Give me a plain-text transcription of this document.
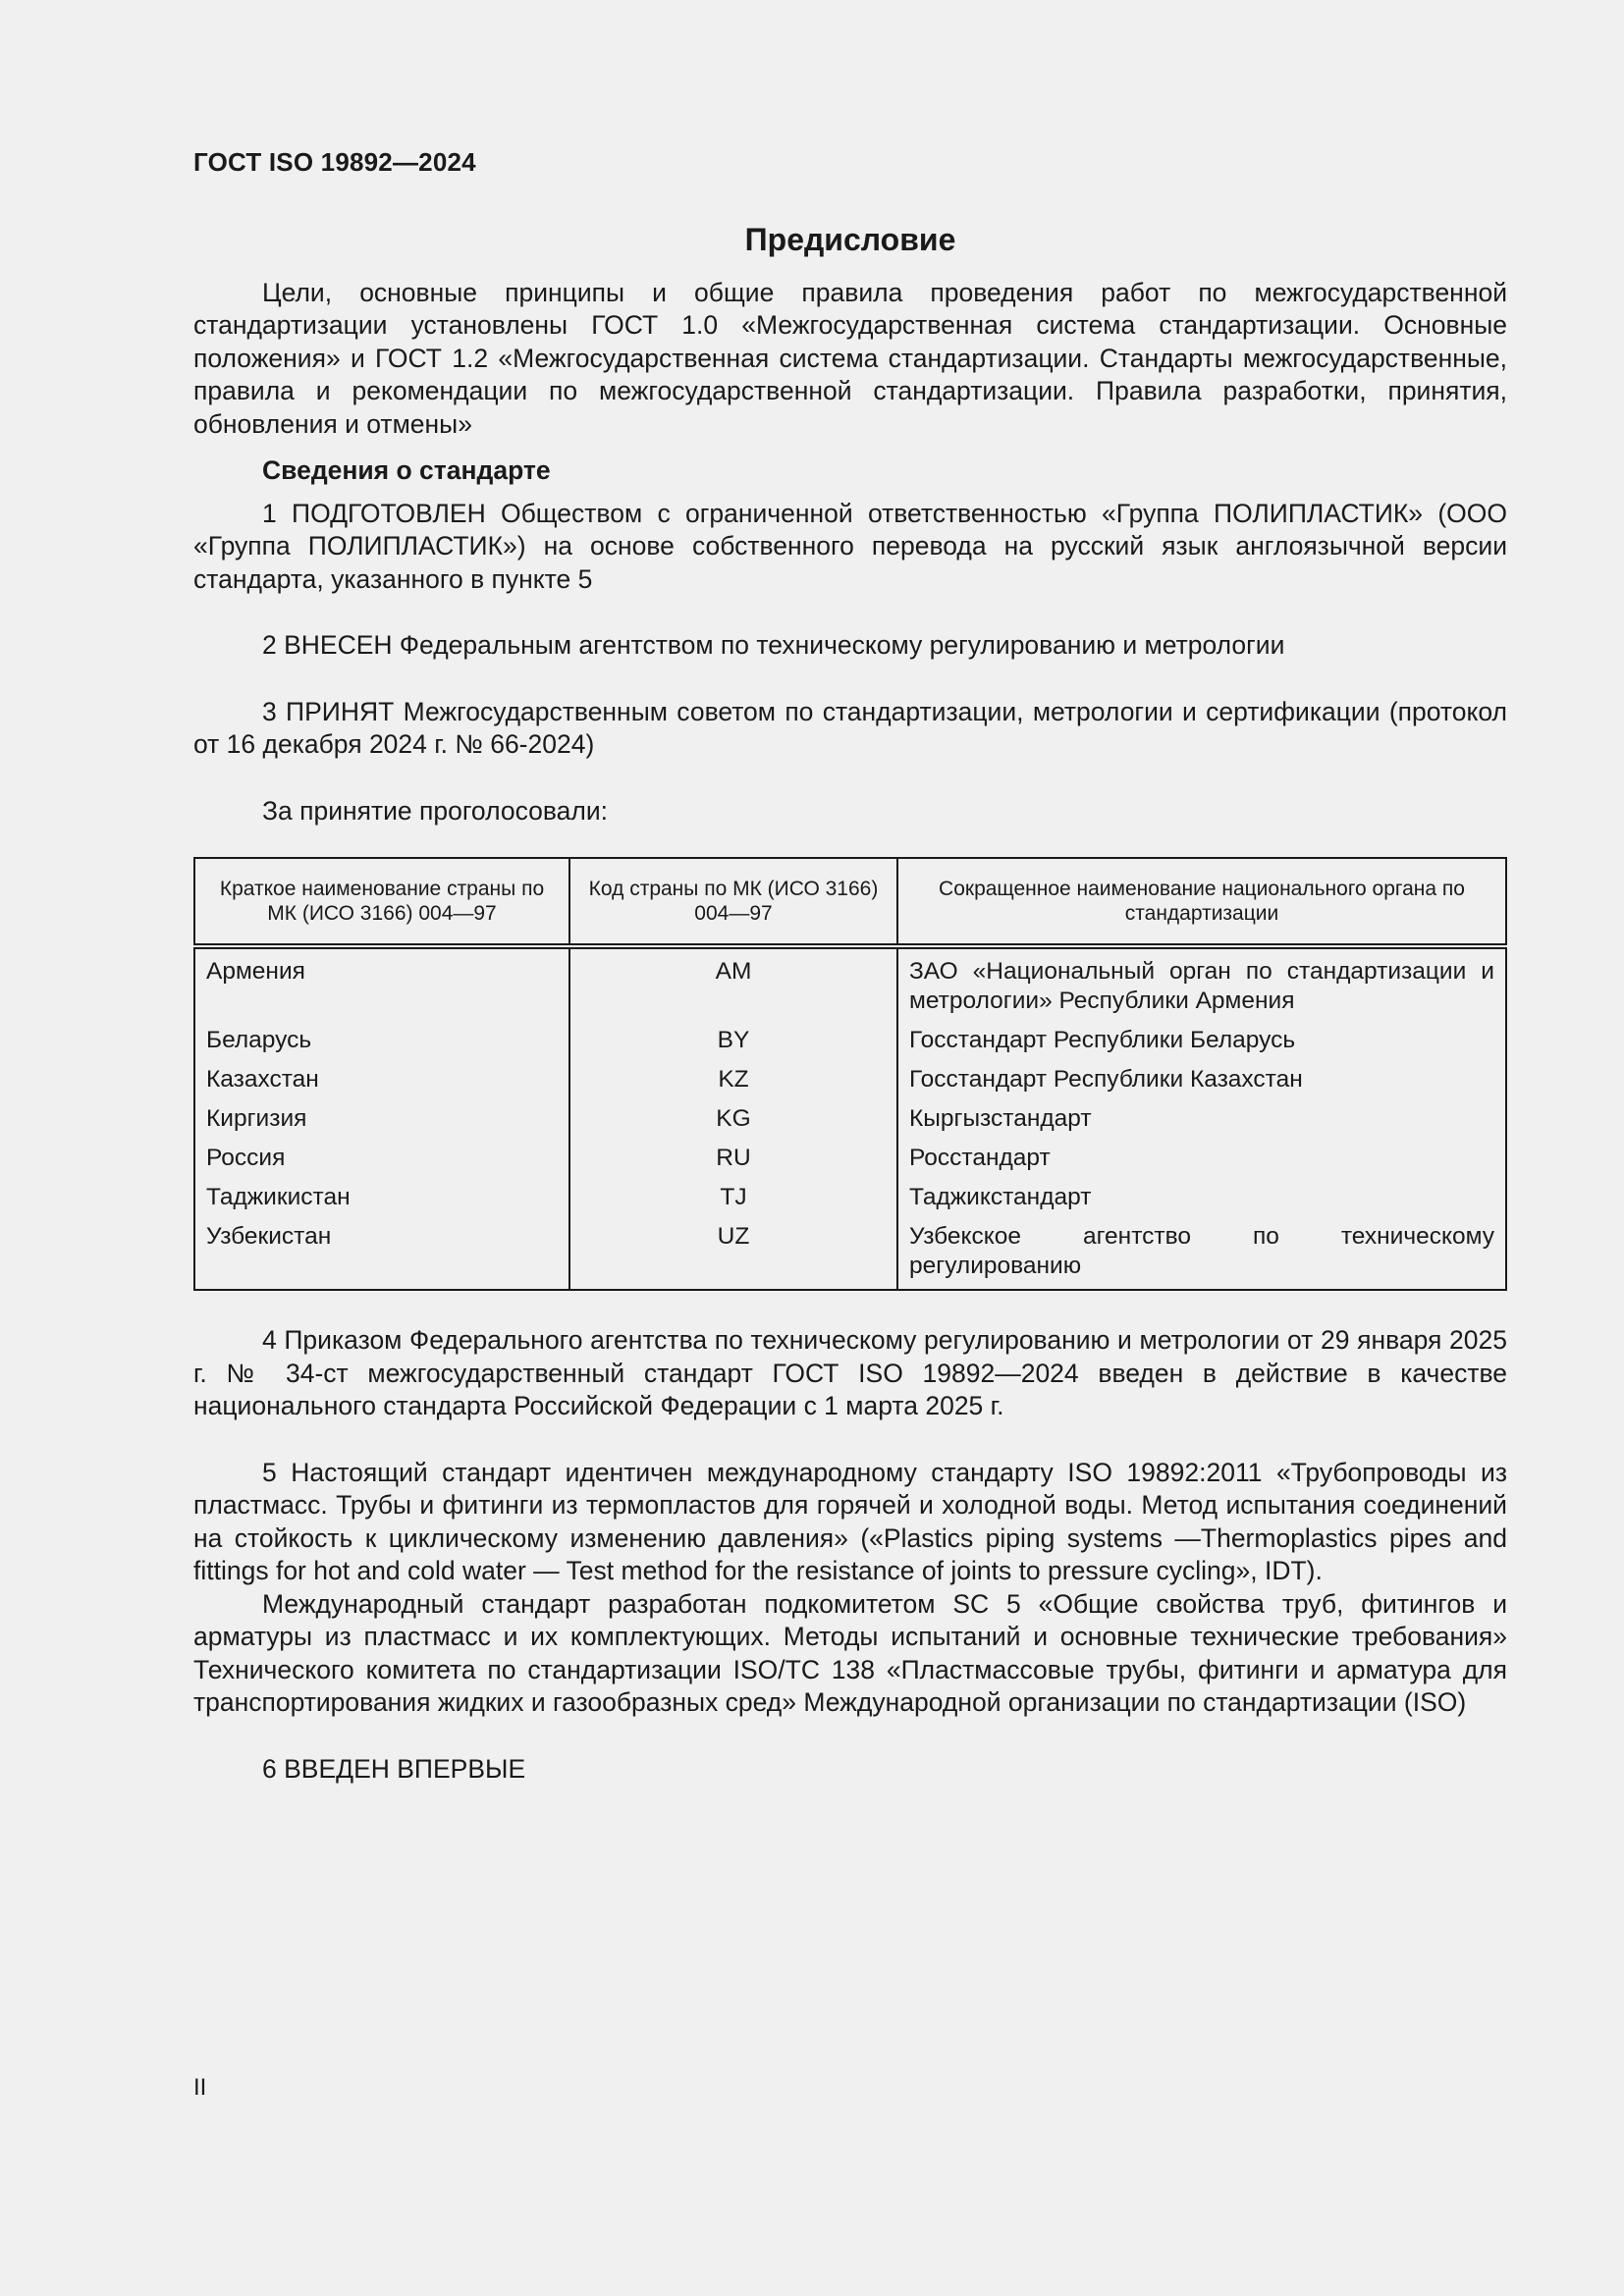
ГОСТ ISO 19892—2024
Предисловие

Цели, основные принципы и общие правила проведения работ по межгосударственной стандартизации установлены ГОСТ 1.0 «Межгосударственная система стандартизации. Основные положения» и ГОСТ 1.2 «Межгосударственная система стандартизации. Стандарты межгосударственные, правила и рекомендации по межгосударственной стандартизации. Правила разработки, принятия, обновления и отмены»

Сведения о стандарте

1 ПОДГОТОВЛЕН Обществом с ограниченной ответственностью «Группа ПОЛИПЛАСТИК» (ООО «Группа ПОЛИПЛАСТИК») на основе собственного перевода на русский язык англоязычной версии стандарта, указанного в пункте 5

2 ВНЕСЕН Федеральным агентством по техническому регулированию и метрологии

3 ПРИНЯТ Межгосударственным советом по стандартизации, метрологии и сертификации (протокол от 16 декабря 2024 г. № 66-2024)

За принятие проголосовали:

Краткое наименование страны по МК (ИСО 3166) 004—97	Код страны по МК (ИСО 3166) 004—97	Сокращенное наименование национального органа по стандартизации
Армения	AM	ЗАО «Национальный орган по стандартизации и метрологии» Республики Армения
Беларусь	BY	Госстандарт Республики Беларусь
Казахстан	KZ	Госстандарт Республики Казахстан
Киргизия	KG	Кыргызстандарт
Россия	RU	Росстандарт
Таджикистан	TJ	Таджикстандарт
Узбекистан	UZ	Узбекское агентство по техническому регулированию

4 Приказом Федерального агентства по техническому регулированию и метрологии от 29 января 2025 г. № 34-ст межгосударственный стандарт ГОСТ ISO 19892—2024 введен в действие в качестве национального стандарта Российской Федерации с 1 марта 2025 г.

5 Настоящий стандарт идентичен международному стандарту ISO 19892:2011 «Трубопроводы из пластмасс. Трубы и фитинги из термопластов для горячей и холодной воды. Метод испытания соединений на стойкость к циклическому изменению давления» («Plastics piping systems —Thermoplastics pipes and fittings for hot and cold water — Test method for the resistance of joints to pressure cycling», IDT).

Международный стандарт разработан подкомитетом SC 5 «Общие свойства труб, фитингов и арматуры из пластмасс и их комплектующих. Методы испытаний и основные технические требования» Технического комитета по стандартизации ISO/TC 138 «Пластмассовые трубы, фитинги и арматура для транспортирования жидких и газообразных сред» Международной организации по стандартизации (ISO)

6 ВВЕДЕН ВПЕРВЫЕ

II
